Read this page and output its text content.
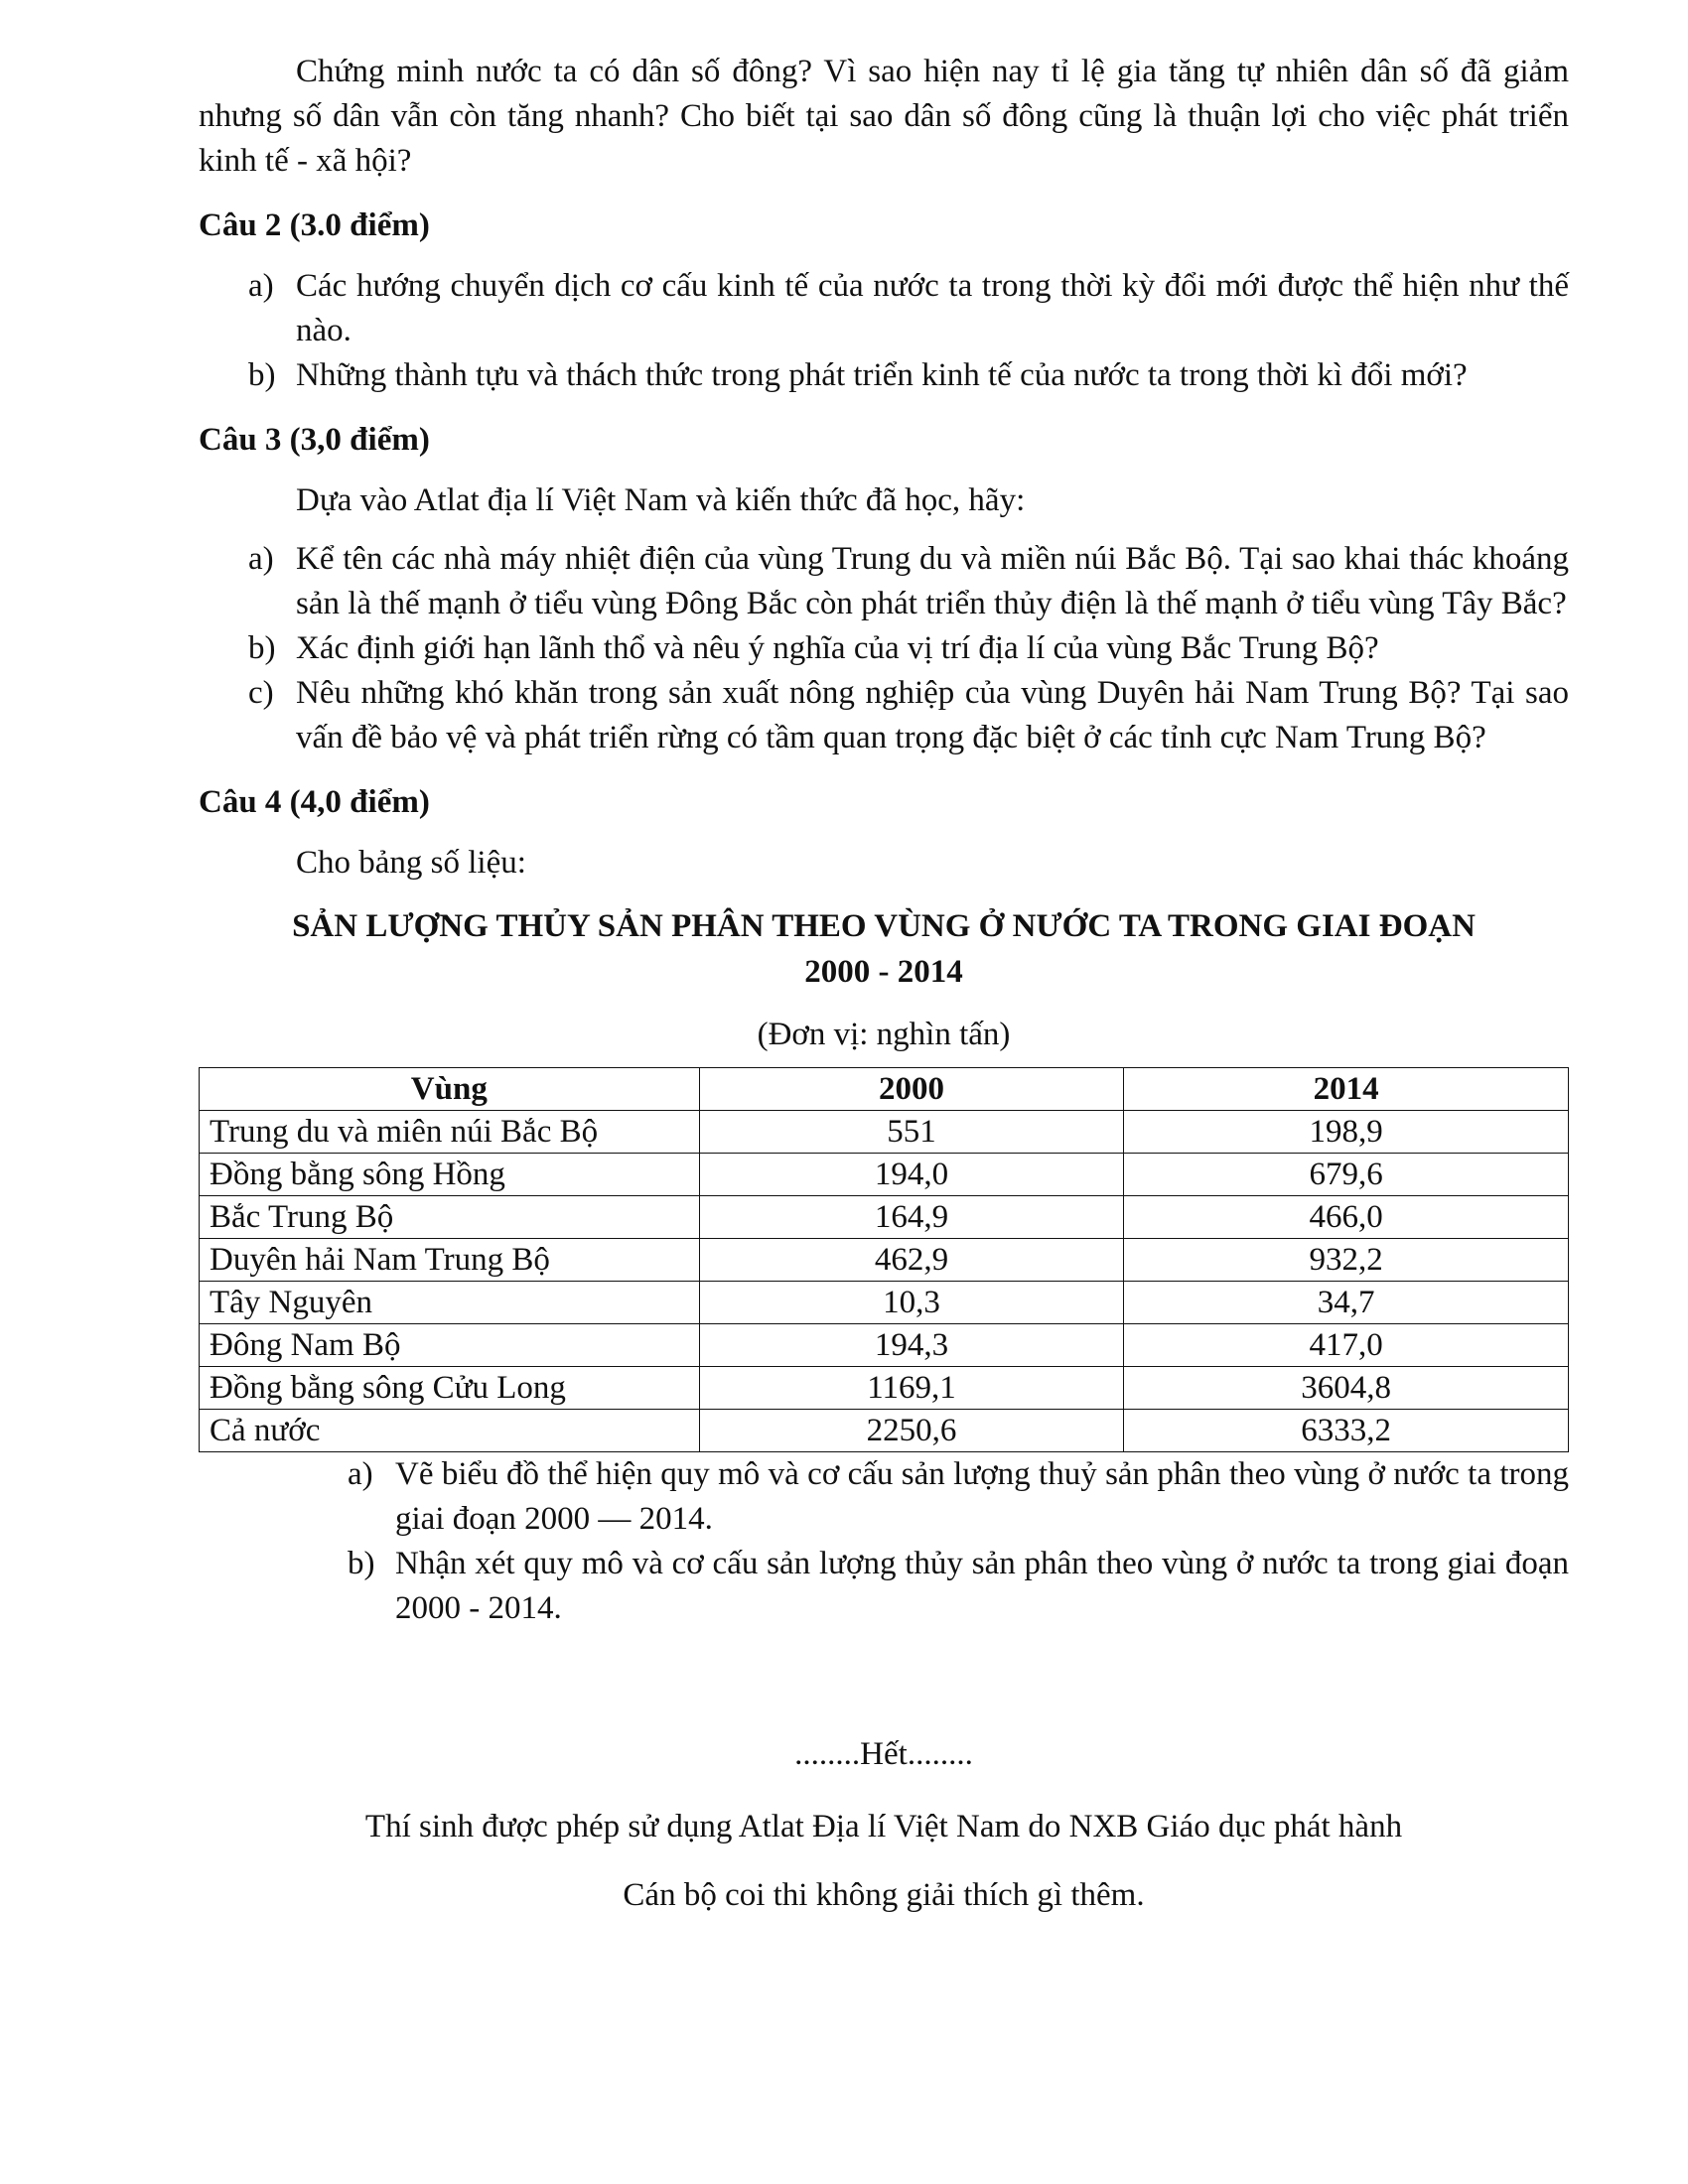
Chứng minh nước ta có dân số đông? Vì sao hiện nay tỉ lệ gia tăng tự nhiên dân số đã giảm nhưng số dân vẫn còn tăng nhanh? Cho biết tại sao dân số đông cũng là thuận lợi cho việc phát triển kinh tế - xã hội?

Câu 2 (3.0 điểm)
a) Các hướng chuyển dịch cơ cấu kinh tế của nước ta trong thời kỳ đổi mới được thể hiện như thế nào.
b) Những thành tựu và thách thức trong phát triển kinh tế của nước ta trong thời kì đổi mới?
Câu 3 (3,0 điểm)
Dựa vào Atlat địa lí Việt Nam và kiến thức đã học, hãy:
a) Kể tên các nhà máy nhiệt điện của vùng Trung du và miền núi Bắc Bộ. Tại sao khai thác khoáng sản là thế mạnh ở tiểu vùng Đông Bắc còn phát triển thủy điện là thế mạnh ở tiểu vùng Tây Bắc?
b) Xác định giới hạn lãnh thổ và nêu ý nghĩa của vị trí địa lí của vùng Bắc Trung Bộ?
c) Nêu những khó khăn trong sản xuất nông nghiệp của vùng Duyên hải Nam Trung Bộ? Tại sao vấn đề bảo vệ và phát triển rừng có tầm quan trọng đặc biệt ở các tỉnh cực Nam Trung Bộ?
Câu 4 (4,0 điểm)
Cho bảng số liệu:
SẢN LƯỢNG THỦY SẢN PHÂN THEO VÙNG Ở NƯỚC TA TRONG GIAI ĐOẠN
2000 - 2014
(Đơn vị: nghìn tấn)
Vùng	2000	2014
Trung du và miên núi Bắc Bộ	551	198,9
Đồng bằng sông Hồng	194,0	679,6
Bắc Trung Bộ	164,9	466,0
Duyên hải Nam Trung Bộ	462,9	932,2
Tây Nguyên	10,3	34,7
Đông Nam Bộ	194,3	417,0
Đồng bằng sông Cửu Long	1169,1	3604,8
Cả nước	2250,6	6333,2
a) Vẽ biểu đồ thể hiện quy mô và cơ cấu sản lượng thuỷ sản phân theo vùng ở nước ta trong giai đoạn 2000 — 2014.
b) Nhận xét quy mô và cơ cấu sản lượng thủy sản phân theo vùng ở nước ta trong giai đoạn 2000 - 2014.
........Hết........
Thí sinh được phép sử dụng Atlat Địa lí Việt Nam do NXB Giáo dục phát hành
Cán bộ coi thi không giải thích gì thêm.
